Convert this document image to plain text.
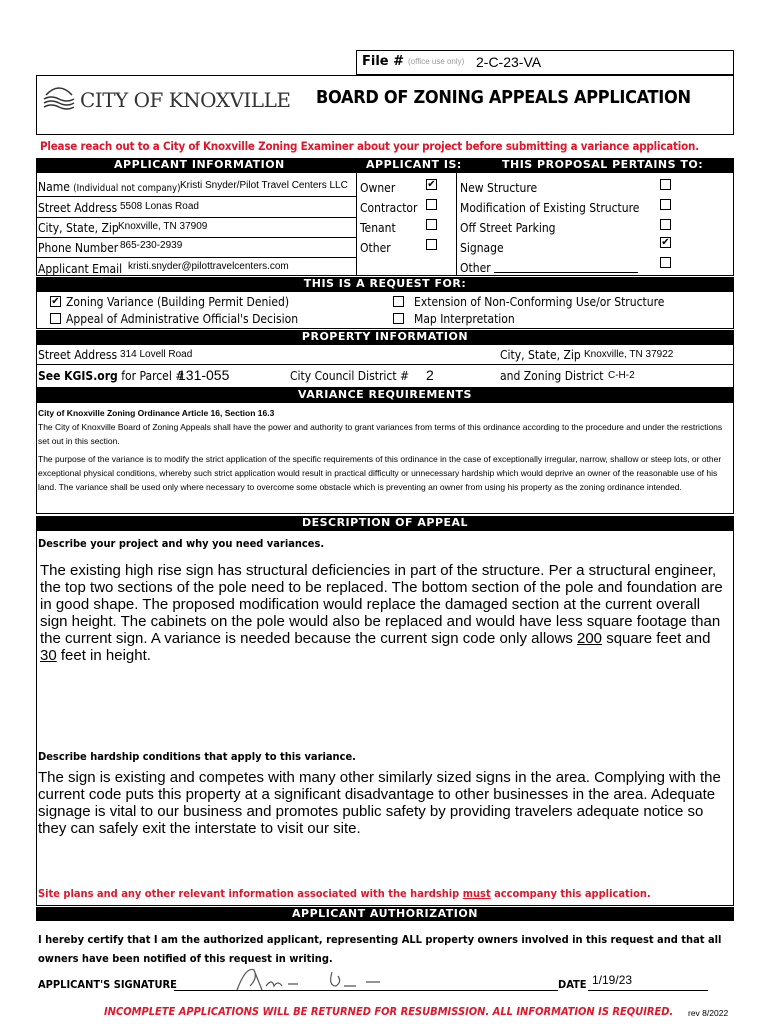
File # (office use only) 2-C-23-VA
CITY OF KNOXVILLE BOARD OF ZONING APPEALS APPLICATION
Please reach out to a City of Knoxville Zoning Examiner about your project before submitting a variance application.
APPLICANT INFORMATION	APPLICANT IS:	THIS PROPOSAL PERTAINS TO:
Name (Individual not company) Kristi Snyder/Pilot Travel Centers LLC
Street Address 5508 Lonas Road
City, State, Zip Knoxville, TN 37909
Phone Number 865-230-2939
Applicant Email kristi.snyder@pilottravelcenters.com
Owner	✔
Contractor
Tenant
Other
New Structure
Modification of Existing Structure
Off Street Parking
Signage	✔
Other
THIS IS A REQUEST FOR:
✔ Zoning Variance (Building Permit Denied)
Appeal of Administrative Official's Decision
Extension of Non-Conforming Use/or Structure
Map Interpretation
PROPERTY INFORMATION
Street Address 314 Lovell Road	City, State, Zip Knoxville, TN 37922
See KGIS.org for Parcel #
131-055	City Council District # 2	and Zoning District C-H-2
VARIANCE REQUIREMENTS
City of Knoxville Zoning Ordinance Article 16, Section 16.3
The City of Knoxville Board of Zoning Appeals shall have the power and authority to grant variances from terms of this ordinance according to the procedure and under the restrictions set out in this section.
The purpose of the variance is to modify the strict application of the specific requirements of this ordinance in the case of exceptionally irregular, narrow, shallow or steep lots, or other exceptional physical conditions, whereby such strict application would result in practical difficulty or unnecessary hardship which would deprive an owner of the reasonable use of his land. The variance shall be used only where necessary to overcome some obstacle which is preventing an owner from using his property as the zoning ordinance intended.
DESCRIPTION OF APPEAL
Describe your project and why you need variances.
The existing high rise sign has structural deficiencies in part of the structure. Per a structural engineer, the top two sections of the pole need to be replaced. The bottom section of the pole and foundation are in good shape. The proposed modification would replace the damaged section at the current overall sign height. The cabinets on the pole would also be replaced and would have less square footage than the current sign. A variance is needed because the current sign code only allows 200 square feet and
30 feet in height.
Describe hardship conditions that apply to this variance.
The sign is existing and competes with many other similarly sized signs in the area. Complying with the current code puts this property at a significant disadvantage to other businesses in the area. Adequate signage is vital to our business and promotes public safety by providing travelers adequate notice so they can safely exit the interstate to visit our site.
Site plans and any other relevant information associated with the hardship must accompany this application.
APPLICANT AUTHORIZATION
I hereby certify that I am the authorized applicant, representing ALL property owners involved in this request and that all owners have been notified of this request in writing.
APPLICANT'S SIGNATURE	DATE 1/19/23
INCOMPLETE APPLICATIONS WILL BE RETURNED FOR RESUBMISSION. ALL INFORMATION IS REQUIRED. rev 8/2022
